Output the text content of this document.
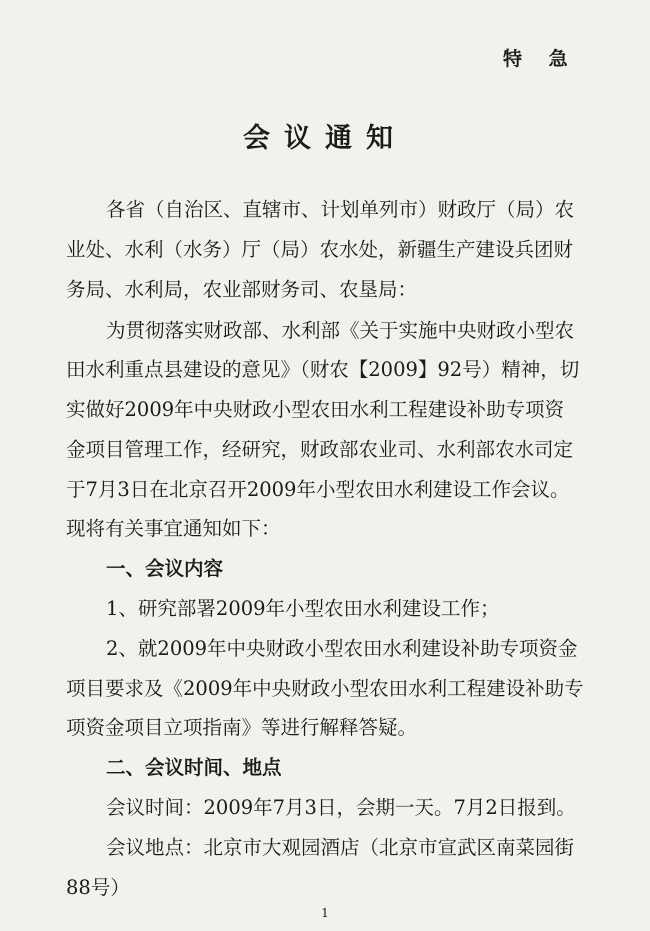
特 急
会议通知
各省（自治区、直辖市、计划单列市）财政厅（局）农
业处、水利（水务）厅（局）农水处，新疆生产建设兵团财
务局、水利局，农业部财务司、农垦局：
为贯彻落实财政部、水利部《关于实施中央财政小型农
田水利重点县建设的意见》（财农【2009】92号）精神，切
实做好2009年中央财政小型农田水利工程建设补助专项资
金项目管理工作，经研究，财政部农业司、水利部农水司定
于7月3日在北京召开2009年小型农田水利建设工作会议。
现将有关事宜通知如下：
一、会议内容
1、研究部署2009年小型农田水利建设工作；
2、就2009年中央财政小型农田水利建设补助专项资金
项目要求及《2009年中央财政小型农田水利工程建设补助专
项资金项目立项指南》等进行解释答疑。
二、会议时间、地点
会议时间：2009年7月3日，会期一天。7月2日报到。
会议地点：北京市大观园酒店（北京市宣武区南菜园街
88号）
1
